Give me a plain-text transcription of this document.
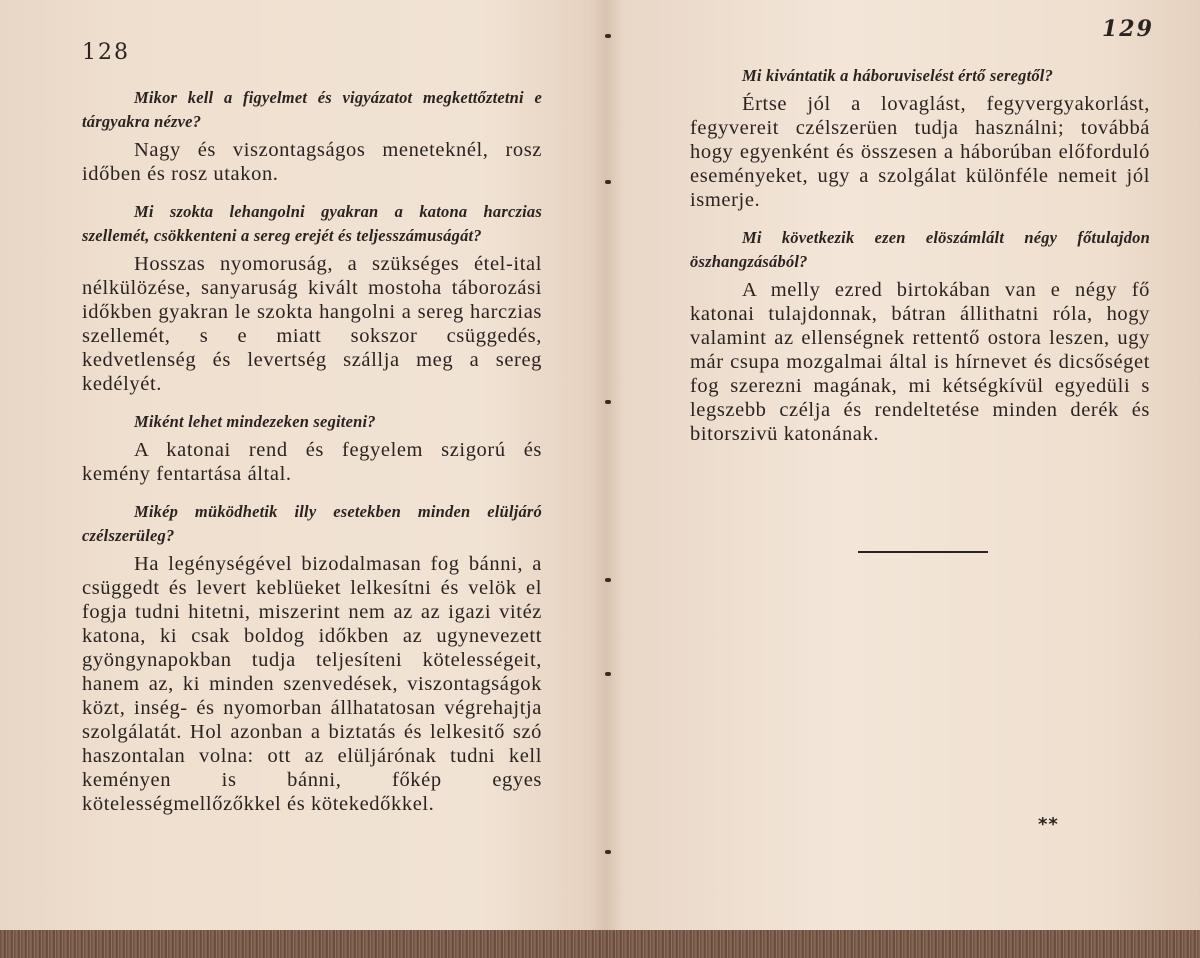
128

Mikor kell a figyelmet és vigyázatot megkettőztetni e tárgyakra nézve?

Nagy és viszontagságos meneteknél, rosz időben és rosz utakon.

Mi szokta lehangolni gyakran a katona harczias szellemét, csökkenteni a sereg erejét és teljesszámuságát?

Hosszas nyomoruság, a szükséges étel-ital nélkülözése, sanyaruság kivált mostoha táborozási időkben gyakran le szokta hangolni a sereg harczias szellemét, s e miatt sokszor csüggedés, kedvetlenség és levertség szállja meg a sereg kedélyét.

Miként lehet mindezeken segiteni?

A katonai rend és fegyelem szigorú és kemény fentartása által.

Mikép müködhetik illy esetekben minden elüljáró czélszerüleg?

Ha legénységével bizodalmasan fog bánni, a csüggedt és levert keblüeket lelkesítni és velök el fogja tudni hitetni, miszerint nem az az igazi vitéz katona, ki csak boldog időkben az ugynevezett gyöngynapokban tudja teljesíteni kötelességeit, hanem az, ki minden szenvedések, viszontagságok közt, inség- és nyomorban állhatatosan végrehajtja szolgálatát. Hol azonban a biztatás és lelkesitő szó haszontalan volna: ott az elüljárónak tudni kell keményen is bánni, főkép egyes kötelességmellőzőkkel és kötekedőkkel.

129

Mi kivántatik a háboruviselést értő seregtől?

Értse jól a lovaglást, fegyvergyakorlást, fegyvereit czélszerüen tudja használni; továbbá hogy egyenként és összesen a háborúban előforduló eseményeket, ugy a szolgálat különféle nemeit jól ismerje.

Mi következik ezen elöszámlált négy főtulajdon öszhangzásából?

A melly ezred birtokában van e négy fő katonai tulajdonnak, bátran állithatni róla, hogy valamint az ellenségnek rettentő ostora leszen, ugy már csupa mozgalmai által is hírnevet és dicsőséget fog szerezni magának, mi kétségkívül egyedüli s legszebb czélja és rendeltetése minden derék és bitorszivü katonának.

**
